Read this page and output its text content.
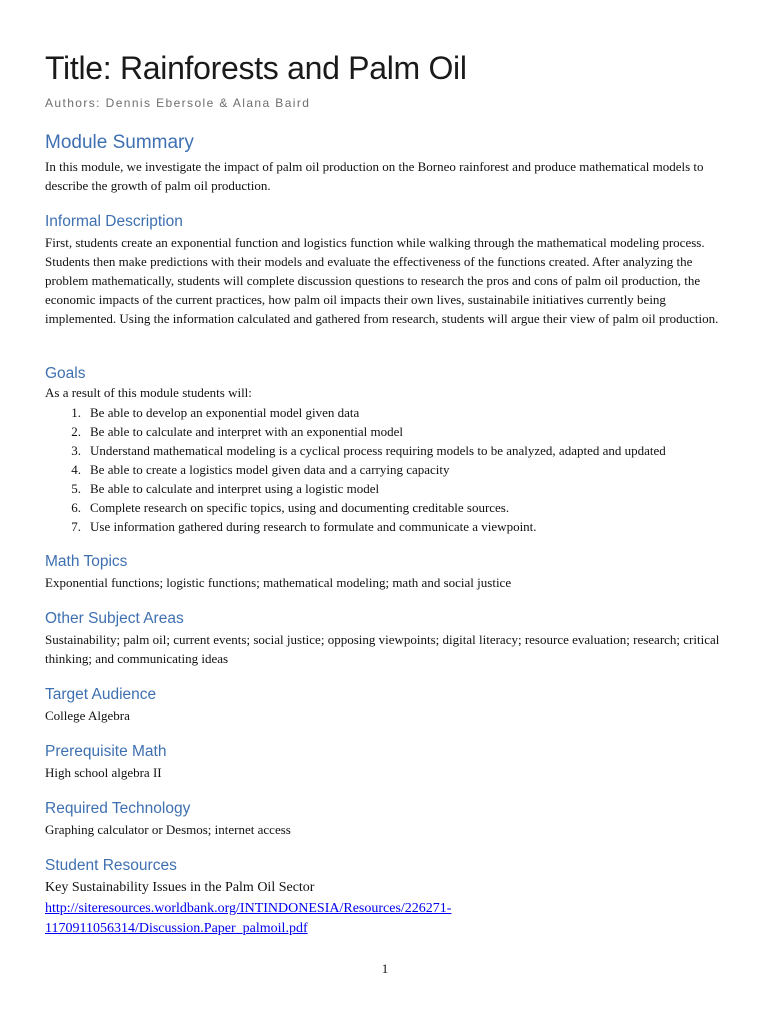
Title: Rainforests and Palm Oil
Authors: Dennis Ebersole & Alana Baird
Module Summary

In this module, we investigate the impact of palm oil production on the Borneo rainforest and produce mathematical models to describe the growth of palm oil production.

Informal Description

First, students create an exponential function and logistics function while walking through the mathematical modeling process. Students then make predictions with their models and evaluate the effectiveness of the functions created. After analyzing the problem mathematically, students will complete discussion questions to research the pros and cons of palm oil production, the economic impacts of the current practices, how palm oil impacts their own lives, sustainabile initiatives currently being implemented. Using the information calculated and gathered from research, students will argue their view of palm oil production.

Goals

As a result of this module students will:

1. Be able to develop an exponential model given data
2. Be able to calculate and interpret with an exponential model
3. Understand mathematical modeling is a cyclical process requiring models to be analyzed, adapted and updated
4. Be able to create a logistics model given data and a carrying capacity
5. Be able to calculate and interpret using a logistic model
6. Complete research on specific topics, using and documenting creditable sources.
7. Use information gathered during research to formulate and communicate a viewpoint.
Math Topics

Exponential functions; logistic functions; mathematical modeling; math and social justice

Other Subject Areas

Sustainability; palm oil; current events; social justice; opposing viewpoints; digital literacy; resource evaluation; research; critical thinking; and communicating ideas

Target Audience

College Algebra

Prerequisite Math

High school algebra II

Required Technology

Graphing calculator or Desmos; internet access

Student Resources

Key Sustainability Issues in the Palm Oil Sector

http://siteresources.worldbank.org/INTINDONESIA/Resources/226271-
1170911056314/Discussion.Paper_palmoil.pdf

1
